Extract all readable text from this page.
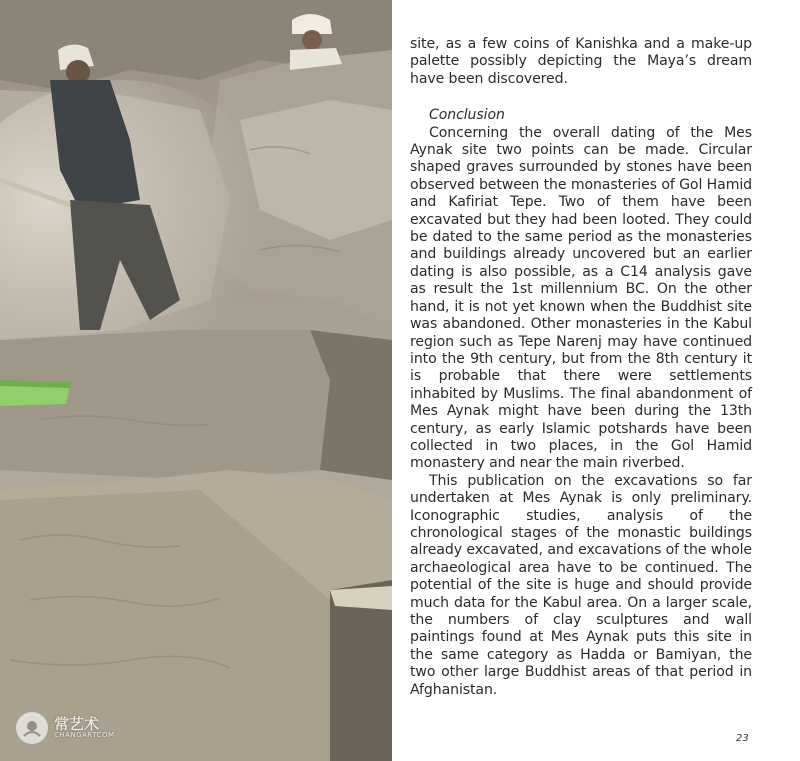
常艺术
CHANGARTCOM

site, as a few coins of Kanishka and a make-up palette possibly depicting the Maya’s dream have been discovered.

Conclusion

Concerning the overall dating of the Mes Aynak site two points can be made. Circular shaped graves surrounded by stones have been observed between the monasteries of Gol Hamid and Kafiriat Tepe. Two of them have been excavated but they had been looted. They could be dated to the same period as the monasteries and buildings already uncovered but an earlier dating is also possible, as a C14 analysis gave as result the 1st millennium BC. On the other hand, it is not yet known when the Buddhist site was abandoned. Other monasteries in the Kabul region such as Tepe Narenj may have continued into the 9th century, but from the 8th century it is probable that there were settlements inhabited by Muslims. The final abandonment of Mes Aynak might have been during the 13th century, as early Islamic potshards have been collected in two places, in the Gol Hamid monastery and near the main riverbed.

This publication on the excavations so far undertaken at Mes Aynak is only preliminary. Iconographic studies, analysis of the chronological stages of the monastic buildings already excavated, and excavations of the whole archaeological area have to be continued. The potential of the site is huge and should provide much data for the Kabul area. On a larger scale, the numbers of clay sculptures and wall paintings found at Mes Aynak puts this site in the same category as Hadda or Bamiyan, the two other large Buddhist areas of that period in Afghanistan.

23
